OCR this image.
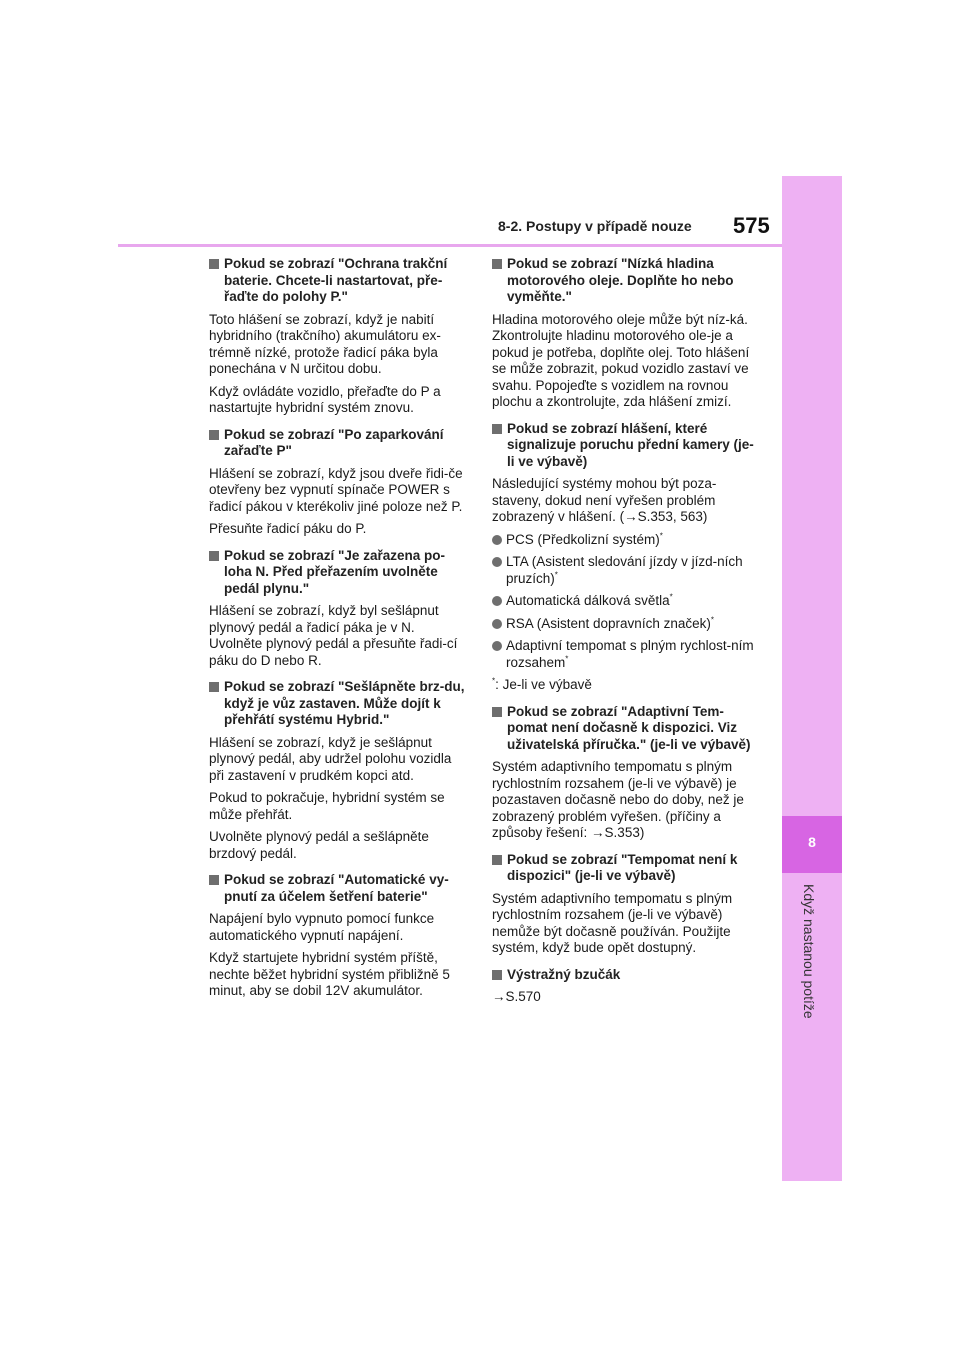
8-2. Postupy v případě nouze 575
8
Když nastanou potíže
Pokud se zobrazí "Ochrana trakční baterie. Chcete-li nastartovat, pře-řaďte do polohy P."

Toto hlášení se zobrazí, když je nabití hybridního (trakčního) akumulátoru ex-trémně nízké, protože řadicí páka byla ponechána v N určitou dobu.

Když ovládáte vozidlo, přeřaďte do P a nastartujte hybridní systém znovu.

Pokud se zobrazí "Po zaparkování zařaďte P"

Hlášení se zobrazí, když jsou dveře řidi-če otevřeny bez vypnutí spínače POWER s řadicí pákou v kterékoliv jiné poloze než P.

Přesuňte řadicí páku do P.

Pokud se zobrazí "Je zařazena po-loha N. Před přeřazením uvolněte pedál plynu."

Hlášení se zobrazí, když byl sešlápnut plynový pedál a řadicí páka je v N. Uvolněte plynový pedál a přesuňte řadi-cí páku do D nebo R.

Pokud se zobrazí "Sešlápněte brz-du, když je vůz zastaven. Může dojít k přehřátí systému Hybrid."

Hlášení se zobrazí, když je sešlápnut plynový pedál, aby udržel polohu vozidla při zastavení v prudkém kopci atd.

Pokud to pokračuje, hybridní systém se může přehřát.

Uvolněte plynový pedál a sešlápněte brzdový pedál.

Pokud se zobrazí "Automatické vy-pnutí za účelem šetření baterie"

Napájení bylo vypnuto pomocí funkce automatického vypnutí napájení.

Když startujete hybridní systém příště, nechte běžet hybridní systém přibližně 5 minut, aby se dobil 12V akumulátor.

Pokud se zobrazí "Nízká hladina motorového oleje. Doplňte ho nebo vyměňte."

Hladina motorového oleje může být níz-ká. Zkontrolujte hladinu motorového ole-je a pokud je potřeba, doplňte olej. Toto hlášení se může zobrazit, pokud vozidlo zastaví ve svahu. Popojeďte s vozidlem na rovnou plochu a zkontrolujte, zda hlášení zmizí.

Pokud se zobrazí hlášení, které signalizuje poruchu přední kamery (je-li ve výbavě)

Následující systémy mohou být poza-staveny, dokud není vyřešen problém zobrazený v hlášení. (→S.353, 563)

PCS (Předkolizní systém)*
LTA (Asistent sledování jízdy v jízd-ních pruzích)*
Automatická dálková světla*
RSA (Asistent dopravních značek)*
Adaptivní tempomat s plným rychlost-ním rozsahem*

*: Je-li ve výbavě

Pokud se zobrazí "Adaptivní Tem-pomat není dočasně k dispozici. Viz uživatelská příručka." (je-li ve výbavě)

Systém adaptivního tempomatu s plným rychlostním rozsahem (je-li ve výbavě) je pozastaven dočasně nebo do doby, než je zobrazený problém vyřešen. (příčiny a způsoby řešení: →S.353)

Pokud se zobrazí "Tempomat není k dispozici" (je-li ve výbavě)

Systém adaptivního tempomatu s plným rychlostním rozsahem (je-li ve výbavě) nemůže být dočasně používán. Použijte systém, když bude opět dostupný.

Výstražný bzučák

→S.570
